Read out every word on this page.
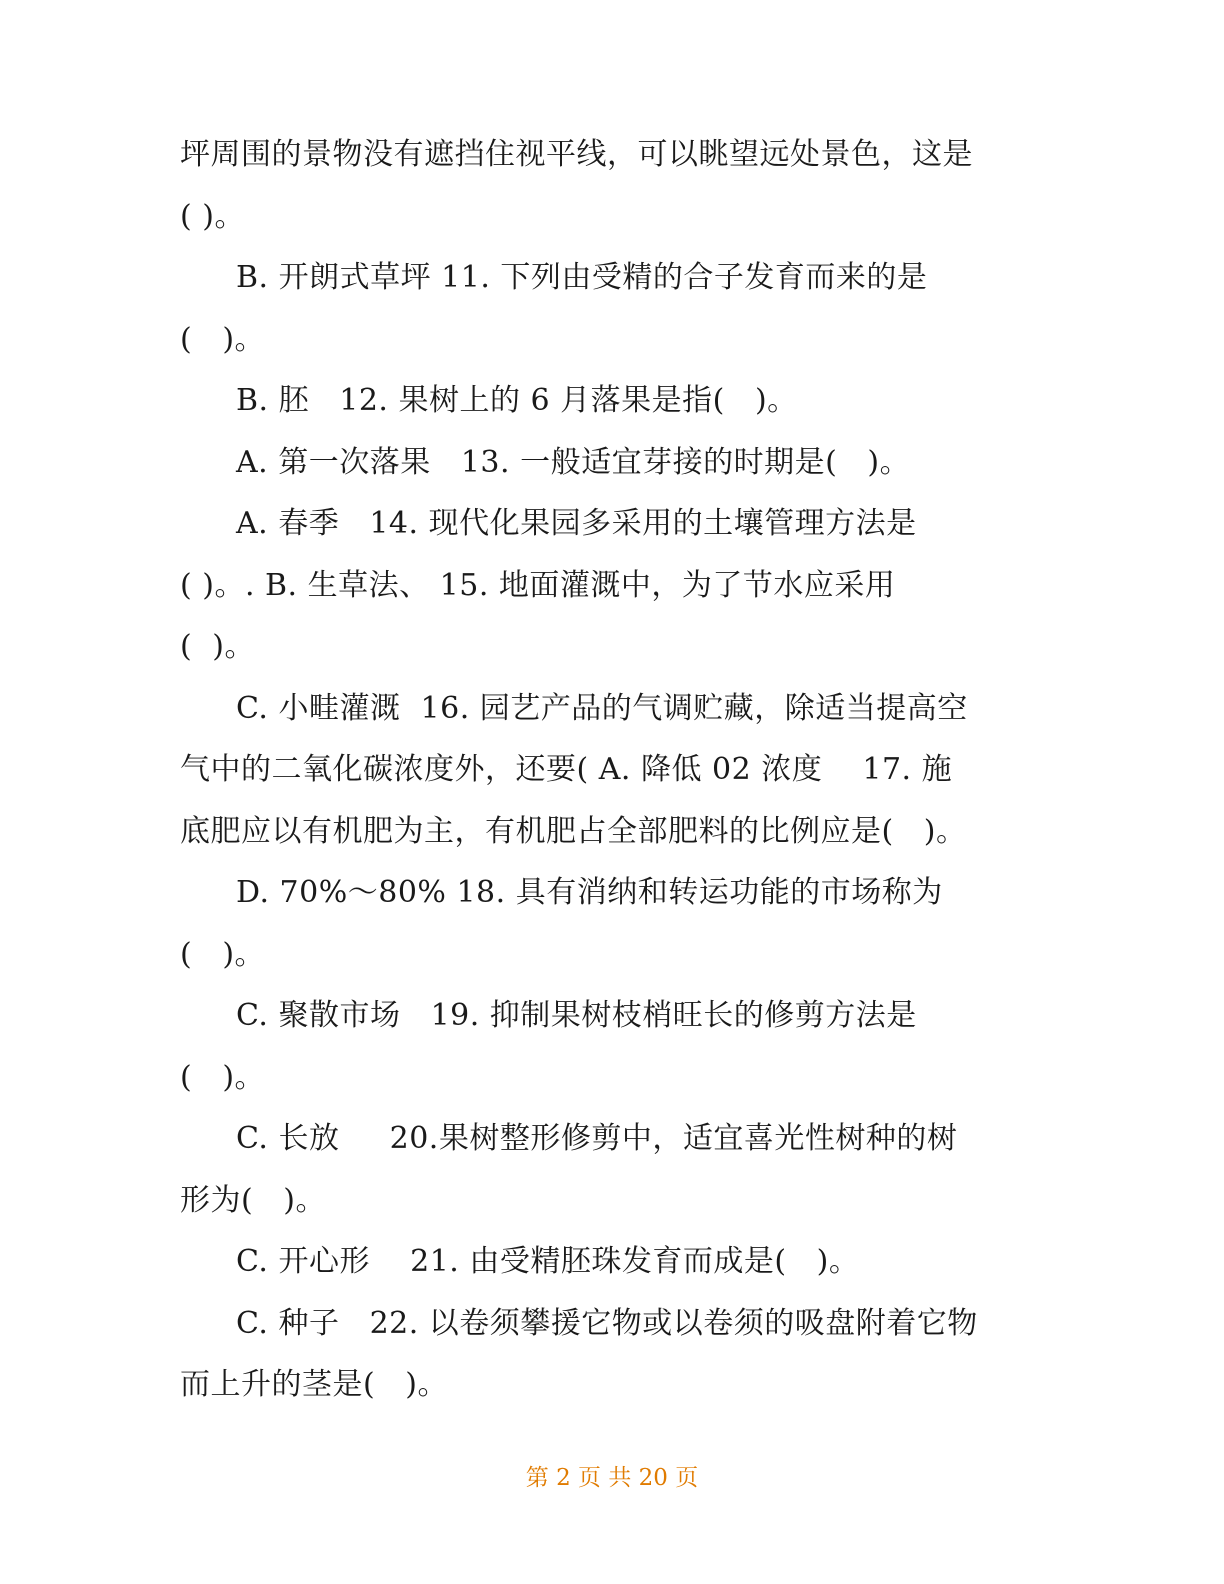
坪周围的景物没有遮挡住视平线，可以眺望远处景色，这是
( )。
B. 开朗式草坪 11. 下列由受精的合子发育而来的是
(   )。
B. 胚   12. 果树上的 6 月落果是指(   )。
A. 第一次落果   13. 一般适宜芽接的时期是(   )。
A. 春季   14. 现代化果园多采用的土壤管理方法是
( )。. B. 生草法、 15. 地面灌溉中，为了节水应采用
(  )。
C. 小畦灌溉  16. 园艺产品的气调贮藏，除适当提高空
气中的二氧化碳浓度外，还要( A. 降低 02 浓度    17. 施
底肥应以有机肥为主，有机肥占全部肥料的比例应是(   )。
D. 70%～80% 18. 具有消纳和转运功能的市场称为
(   )。
C. 聚散市场   19. 抑制果树枝梢旺长的修剪方法是
(   )。
C. 长放     20.果树整形修剪中，适宜喜光性树种的树
形为(   )。
C. 开心形    21. 由受精胚珠发育而成是(   )。
C. 种子   22. 以卷须攀援它物或以卷须的吸盘附着它物
而上升的茎是(   )。
第 2 页 共 20 页
